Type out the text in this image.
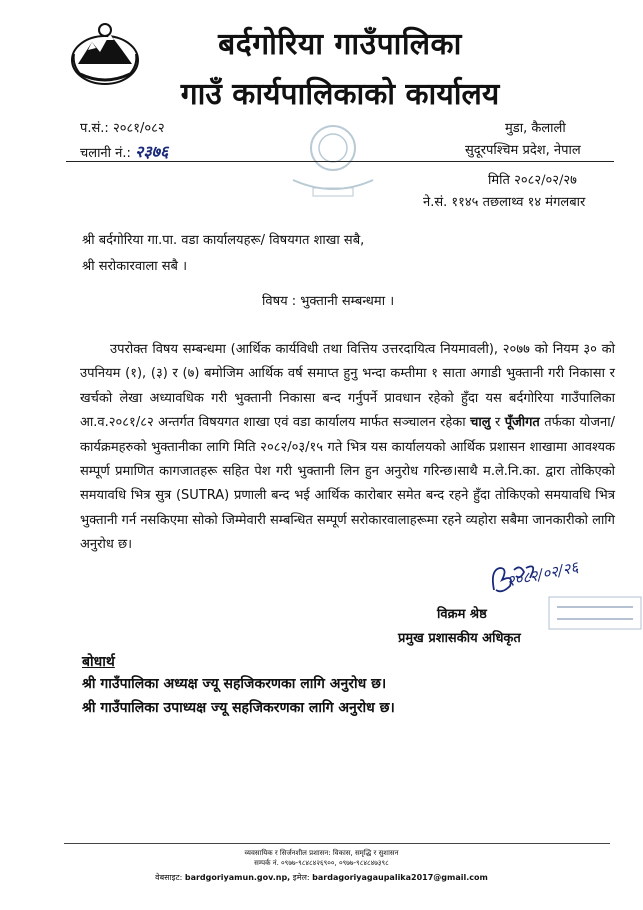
बर्दगोरिया गाउँपालिका
गाउँ कार्यपालिकाको कार्यालय
प.सं.: २०८१/०८२
चलानी नं.: २३७६
मुडा, कैलाली
सुदूरपश्चिम प्रदेश, नेपाल
मिति २०८२/०२/२७
ने.सं. ११४५ तछलाथ्व १४ मंगलबार
श्री बर्दगोरिया गा.पा. वडा कार्यालयहरू/ विषयगत शाखा सबै,
श्री सरोकारवाला सबै ।
विषय : भुक्तानी सम्बन्धमा ।

उपरोक्त विषय सम्बन्धमा (आर्थिक कार्यविधी तथा वित्तिय उत्तरदायित्व नियमावली), २०७७ को नियम ३० को उपनियम (१), (३) र (७) बमोजिम आर्थिक वर्ष समाप्त हुनु भन्दा कम्तीमा १ साता अगाडी भुक्तानी गरी निकासा र खर्चको लेखा अध्यावधिक गरी भुक्तानी निकासा बन्द गर्नुपर्ने प्रावधान रहेको हुँदा यस बर्दगोरिया गाउँपालिका आ.व.२०८१/८२ अन्तर्गत विषयगत शाखा एवं वडा कार्यालय मार्फत सञ्चालन रहेका चालु र पूँजीगत तर्फका योजना/कार्यक्रमहरुको भुक्तानीका लागि मिति २०८२/०३/१५ गते भित्र यस कार्यालयको आर्थिक प्रशासन शाखामा आवश्यक सम्पूर्ण प्रमाणित कागजातहरू सहित पेश गरी भुक्तानी लिन हुन अनुरोध गरिन्छ।साथै म.ले.नि.का. द्वारा तोकिएको समयावधि भित्र सुत्र (SUTRA) प्रणाली बन्द भई आर्थिक कारोबार समेत बन्द रहने हुँदा तोकिएको समयावधि भित्र भुक्तानी गर्न नसकिएमा सोको जिम्मेवारी सम्बन्धित सम्पूर्ण सरोकारवालाहरूमा रहने व्यहोरा सबैमा जानकारीको लागि अनुरोध छ।

२०८२/०२/२६
विक्रम श्रेष्ठ
प्रमुख प्रशासकीय अधिकृत
बोधार्थ
श्री गाउँपालिका अध्यक्ष ज्यू सहजिकरणका लागि अनुरोध छ।
श्री गाउँपालिका उपाध्यक्ष ज्यू सहजिकरणका लागि अनुरोध छ।
व्यवसायिक र सिर्जनशील प्रशासन: विकास, समृद्धि र सुशासन
सम्पर्क नं. ०९७७-९८४८४२६९००, ०९७७-९८४८४७३९८
वेबसाइट: bardgoriyamun.gov.np, इमेल: bardagoriyagaupalika2017@gmail.com
